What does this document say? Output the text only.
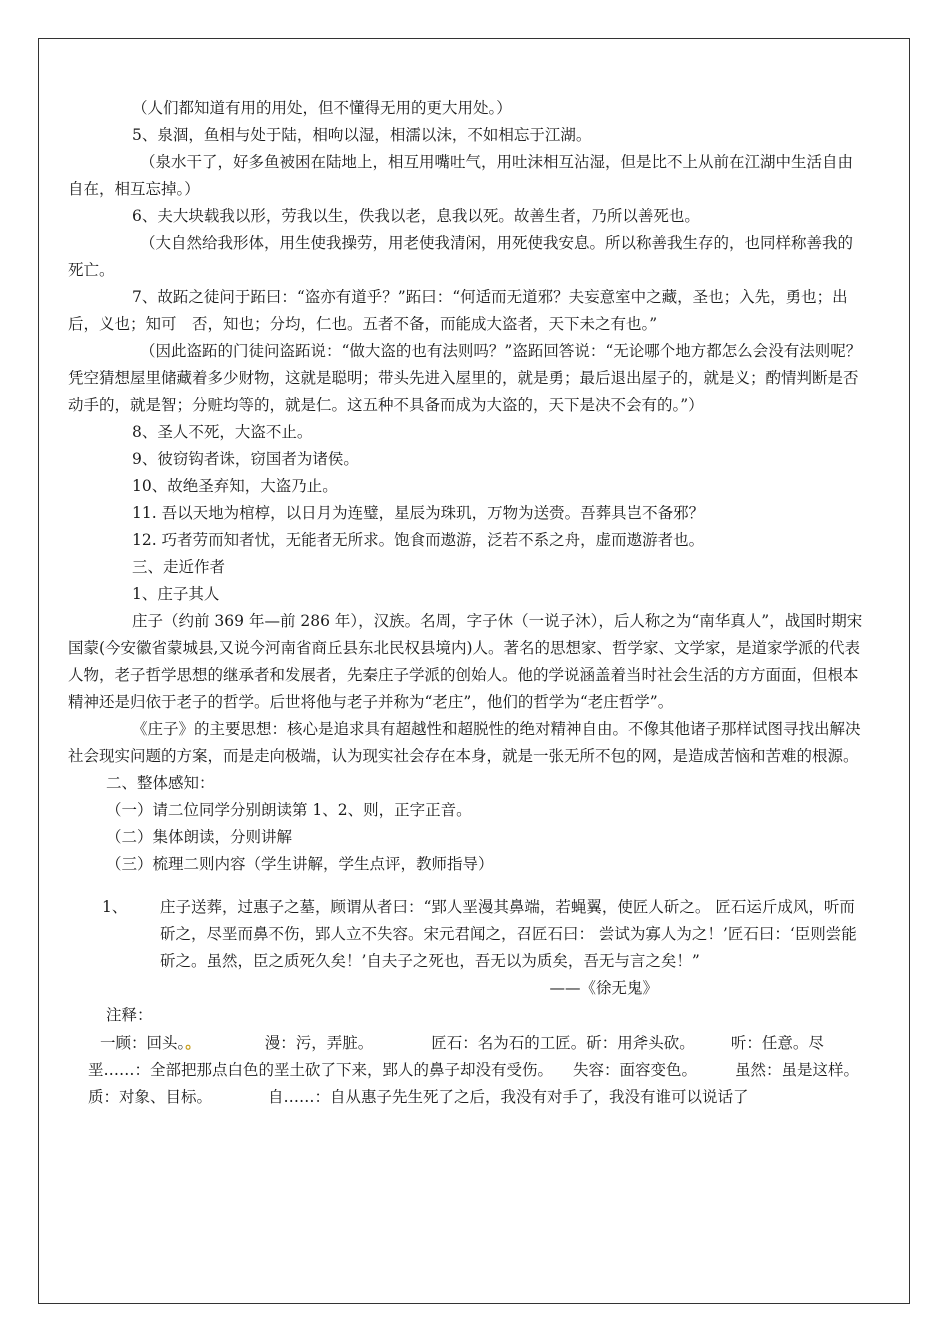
（人们都知道有用的用处，但不懂得无用的更大用处。）

5、泉涸，鱼相与处于陆，相呴以湿，相濡以沫，不如相忘于江湖。

（泉水干了，好多鱼被困在陆地上，相互用嘴吐气，用吐沫相互沾湿，但是比不上从前在江湖中生活自由自在，相互忘掉。）

6、夫大块载我以形，劳我以生，佚我以老，息我以死。故善生者，乃所以善死也。

（大自然给我形体，用生使我操劳，用老使我清闲，用死使我安息。所以称善我生存的，也同样称善我的死亡。

7、故跖之徒问于跖曰：“盗亦有道乎？”跖曰：“何适而无道邪？夫妄意室中之藏，圣也；入先，勇也；出后，义也；知可　否，知也；分均，仁也。五者不备，而能成大盗者，天下未之有也。”

（因此盗跖的门徒问盗跖说：“做大盗的也有法则吗？”盗跖回答说：“无论哪个地方都怎么会没有法则呢？凭空猜想屋里储藏着多少财物，这就是聪明；带头先进入屋里的，就是勇；最后退出屋子的，就是义；酌情判断是否动手的，就是智；分赃均等的，就是仁。这五种不具备而成为大盗的，天下是决不会有的。”）

8、圣人不死，大盗不止。

9、彼窃钩者诛，窃国者为诸侯。

10、故绝圣弃知，大盗乃止。

11. 吾以天地为棺椁，以日月为连璧，星辰为珠玑，万物为送赍。吾葬具岂不备邪？

12. 巧者劳而知者忧，无能者无所求。饱食而遨游，泛若不系之舟，虚而遨游者也。

三、走近作者

1、庄子其人

庄子（约前 369 年—前 286 年），汉族。名周，字子休（一说子沐），后人称之为“南华真人”，战国时期宋国蒙(今安徽省蒙城县,又说今河南省商丘县东北民权县境内)人。著名的思想家、哲学家、文学家，是道家学派的代表人物，老子哲学思想的继承者和发展者，先秦庄子学派的创始人。他的学说涵盖着当时社会生活的方方面面，但根本精神还是归依于老子的哲学。后世将他与老子并称为“老庄”，他们的哲学为“老庄哲学”。

《庄子》的主要思想：核心是追求具有超越性和超脱性的绝对精神自由。不像其他诸子那样试图寻找出解决社会现实问题的方案，而是走向极端，认为现实社会存在本身，就是一张无所不包的网，是造成苦恼和苦难的根源。

二、整体感知：

（一）请二位同学分别朗读第 1、2、则，正字正音。

（二）集体朗读，分则讲解

（三）梳理二则内容（学生讲解，学生点评，教师指导）

1、 庄子送葬，过惠子之墓，顾谓从者曰：“郢人垩漫其鼻端，若蝇翼，使匠人斫之。 匠石运斤成风，听而斫之，尽垩而鼻不伤，郢人立不失容。宋元君闻之，召匠石曰： 尝试为寡人为之！’匠石曰：‘臣则尝能斫之。虽然，臣之质死久矣！’自夫子之死也，吾无以为质矣，吾无与言之矣！”

——《徐无鬼》

注释：

一顾：回头。。	漫：污，弄脏。	匠石：名为石的工匠。斫：用斧头砍。 听：任意。尽垩……：全部把那点白色的垩土砍了下来，郢人的鼻子却没有受伤。 失容：面容变色。 虽然：虽是这样。质：对象、目标。	自……：自从惠子先生死了之后，我没有对手了，我没有谁可以说话了
